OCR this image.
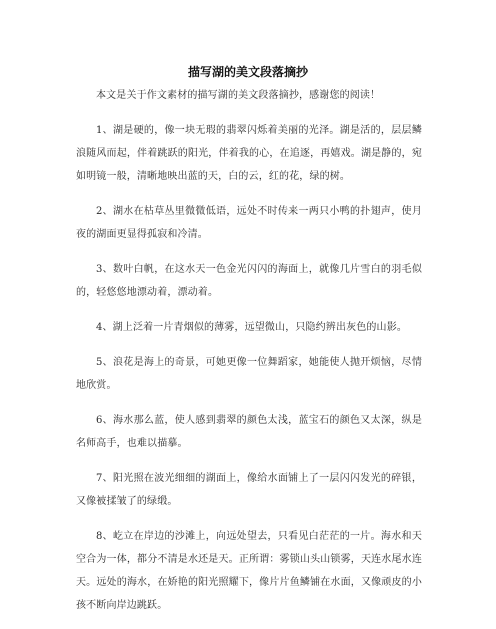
描写湖的美文段落摘抄

本文是关于作文素材的描写湖的美文段落摘抄，感谢您的阅读！

1、湖是硬的，像一块无瑕的翡翠闪烁着美丽的光泽。湖是活的，层层鳞浪随风而起，伴着跳跃的阳光，伴着我的心，在追逐，再嬉戏。湖是静的，宛如明镜一般，清晰地映出蓝的天，白的云，红的花，绿的树。

2、湖水在枯草丛里微微低语，远处不时传来一两只小鸭的扑翅声，使月夜的湖面更显得孤寂和冷清。

3、数叶白帆，在这水天一色金光闪闪的海面上，就像几片雪白的羽毛似的，轻悠悠地漂动着，漂动着。

4、湖上泛着一片青烟似的薄雾，远望微山，只隐约辨出灰色的山影。

5、浪花是海上的奇景，可她更像一位舞蹈家，她能使人抛开烦恼，尽情地欣赏。

6、海水那么蓝，使人感到翡翠的颜色太浅，蓝宝石的颜色又太深，纵是名师高手，也难以描摹。

7、阳光照在波光细细的湖面上，像给水面铺上了一层闪闪发光的碎银，又像被揉皱了的绿缎。

8、屹立在岸边的沙滩上，向远处望去，只看见白茫茫的一片。海水和天空合为一体，都分不清是水还是天。正所谓：雾锁山头山锁雾，天连水尾水连天。远处的海水，在娇艳的阳光照耀下，像片片鱼鳞铺在水面，又像顽皮的小孩不断向岸边跳跃。
